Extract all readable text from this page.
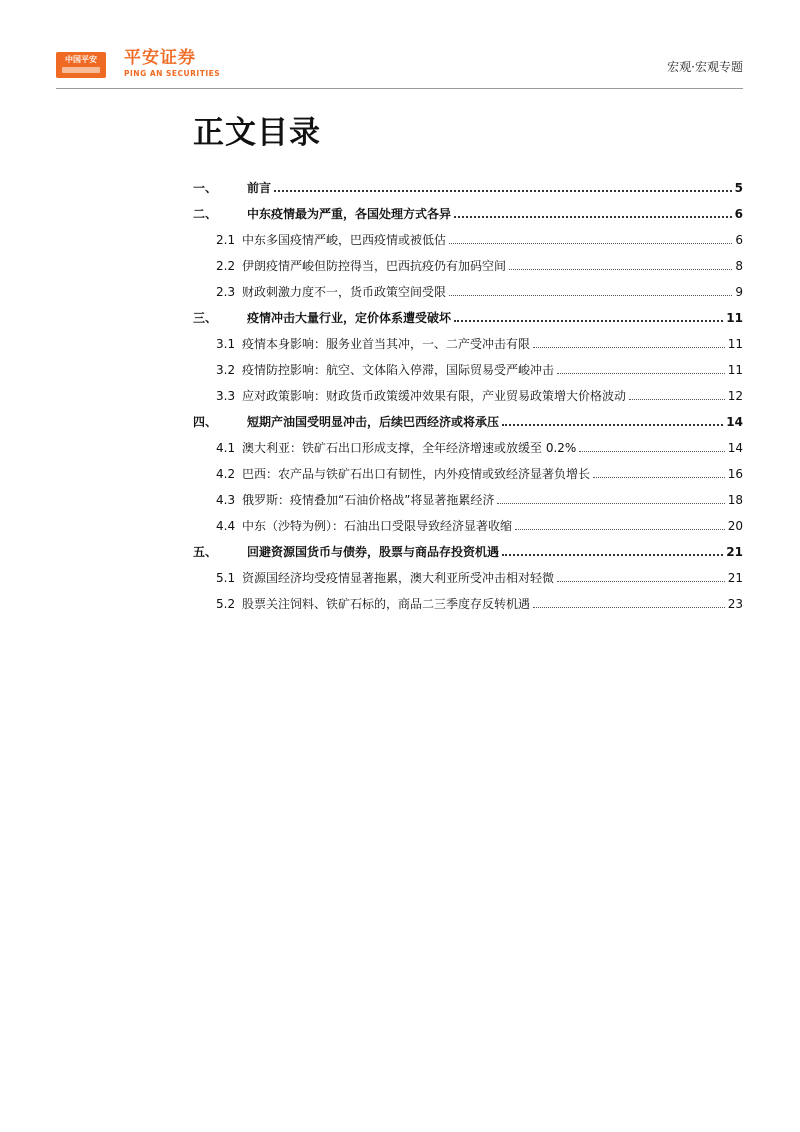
中国平安	平安证券
PING AN SECURITIES	宏观·宏观专题
正文目录
一、	前言	5
二、	中东疫情最为严重，各国处理方式各异	6
2.1 中东多国疫情严峻，巴西疫情或被低估	6
2.2 伊朗疫情严峻但防控得当，巴西抗疫仍有加码空间	8
2.3 财政刺激力度不一，货币政策空间受限	9
三、	疫情冲击大量行业，定价体系遭受破坏	11
3.1 疫情本身影响：服务业首当其冲，一、二产受冲击有限	11
3.2 疫情防控影响：航空、文体陷入停滞，国际贸易受严峻冲击	11
3.3 应对政策影响：财政货币政策缓冲效果有限，产业贸易政策增大价格波动	12
四、	短期产油国受明显冲击，后续巴西经济或将承压	14
4.1 澳大利亚：铁矿石出口形成支撑，全年经济增速或放缓至 0.2%	14
4.2 巴西：农产品与铁矿石出口有韧性，内外疫情或致经济显著负增长	16
4.3 俄罗斯：疫情叠加“石油价格战”将显著拖累经济	18
4.4 中东（沙特为例）：石油出口受限导致经济显著收缩	20
五、	回避资源国货币与债券，股票与商品存投资机遇	21
5.1 资源国经济均受疫情显著拖累，澳大利亚所受冲击相对轻微	21
5.2 股票关注饲料、铁矿石标的，商品二三季度存反转机遇	23
